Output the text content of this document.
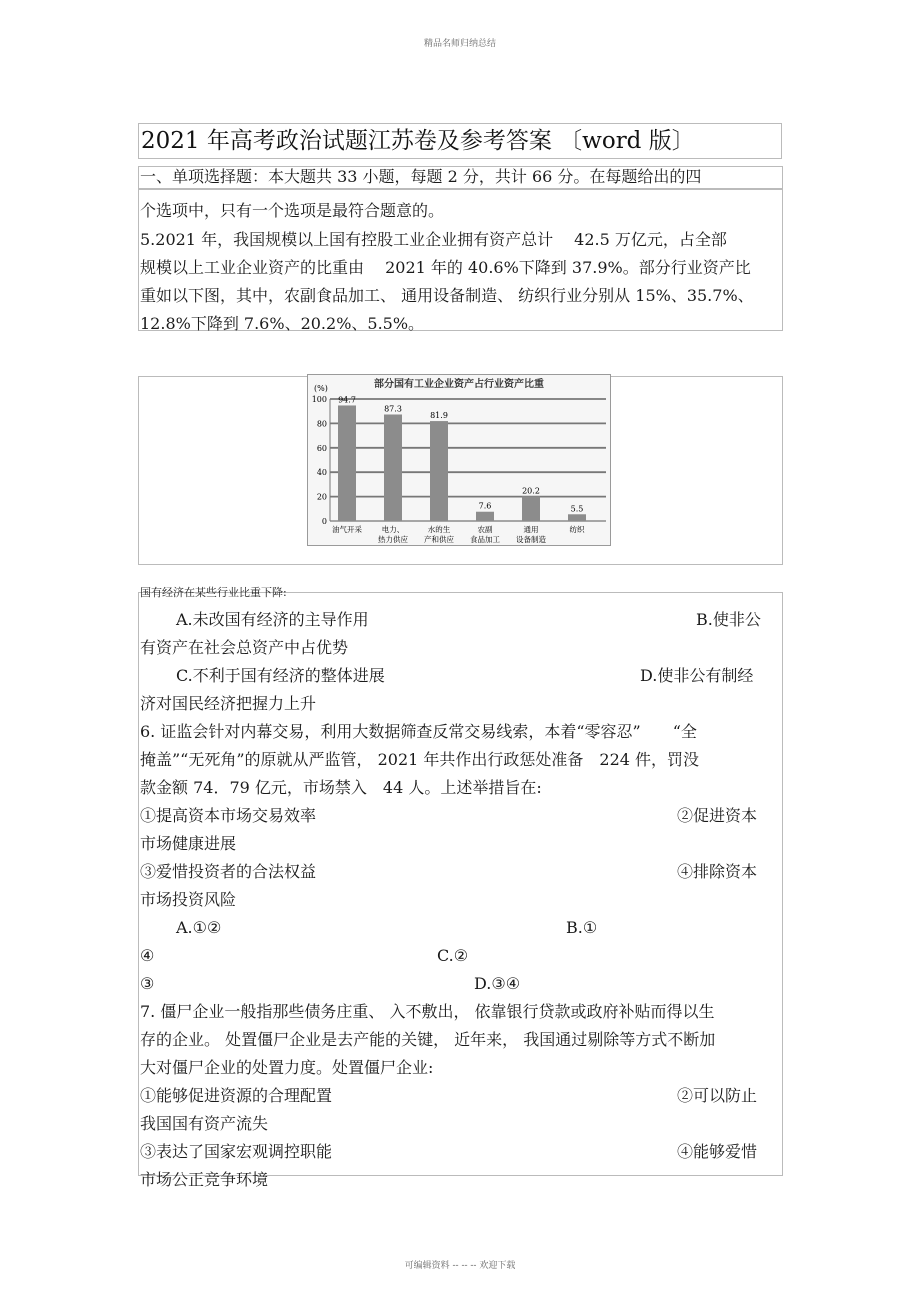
精品名师归纳总结
2021 年高考政治试题江苏卷及参考答案 〔word 版〕
一、单项选择题：本大题共 33 小题，每题 2 分，共计 66 分。在每题给出的四
个选项中，只有一个选项是最符合题意的。
5.2021 年，我国规模以上国有控股工业企业拥有资产总计　 42.5 万亿元，占全部
规模以上工业企业资产的比重由　 2021 年的 40.6%下降到 37.9%。部分行业资产比
重如以下图，其中，农副食品加工、 通用设备制造、 纺织行业分别从 15%、35.7%、
12.8%下降到 7.6%、20.2%、5.5%。
部分国有工业企业资产占行业资产比重
(%)
0
20
40
60
80
100 94.7
油气开采
87.3
电力、
热力供应
81.9
水的生
产和供应
7.6
农副
食品加工
20.2
通用
设备制造
5.5
纺织
国有经济在某些行业比重下降:
A.未改国有经济的主导作用	B.使非公
有资产在社会总资产中占优势
C.不利于国有经济的整体进展	D.使非公有制经
济对国民经济把握力上升
6. 证监会针对内幕交易，利用大数据筛查反常交易线索，本着“零容忍”　　“全
掩盖”“无死角”的原就从严监管， 2021 年共作出行政惩处准备　224 件，罚没
款金额 74．79 亿元，市场禁入　44 人。上述举措旨在:
①提高资本市场交易效率	②促进资本
市场健康进展
③爱惜投资者的合法权益	④排除资本
市场投资风险
A.①②	B.①
④	C.②
③	D.③④
7. 僵尸企业一般指那些债务庄重、 入不敷出， 依靠银行贷款或政府补贴而得以生
存的企业。 处置僵尸企业是去产能的关键， 近年来， 我国通过剔除等方式不断加
大对僵尸企业的处置力度。处置僵尸企业:
①能够促进资源的合理配置	②可以防止
我国国有资产流失
③表达了国家宏观调控职能	④能够爱惜
市场公正竞争环境
可编辑资料 -- -- -- 欢迎下载
